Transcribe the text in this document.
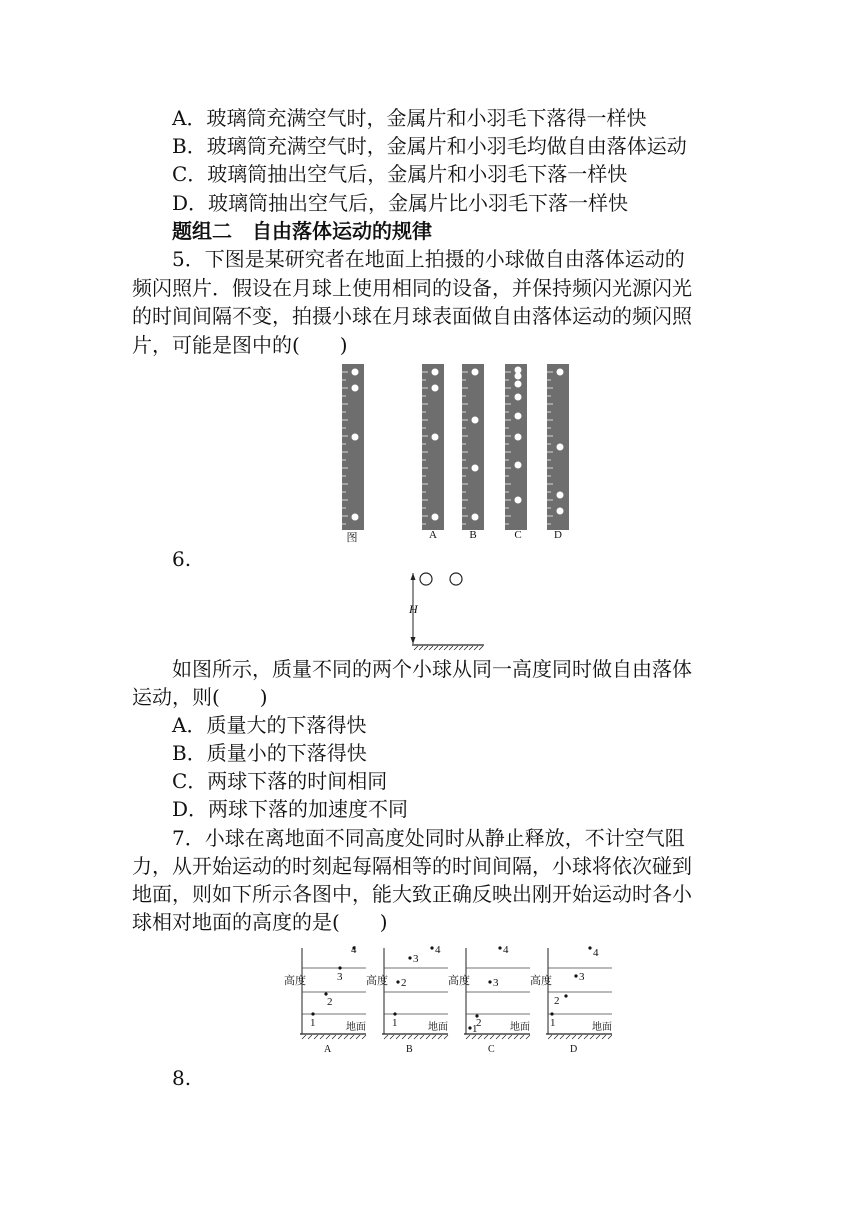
A．玻璃筒充满空气时，金属片和小羽毛下落得一样快
B．玻璃筒充满空气时，金属片和小羽毛均做自由落体运动
C．玻璃筒抽出空气后，金属片和小羽毛下落一样快
D．玻璃筒抽出空气后，金属片比小羽毛下落一样快
题组二　自由落体运动的规律
5．下图是某研究者在地面上拍摄的小球做自由落体运动的
频闪照片．假设在月球上使用相同的设备，并保持频闪光源闪光
的时间间隔不变，拍摄小球在月球表面做自由落体运动的频闪照
片，可能是图中的(　　)
图	A	B	C	D
6.
H
如图所示，质量不同的两个小球从同一高度同时做自由落体
运动，则(　　)
A．质量大的下落得快
B．质量小的下落得快
C．两球下落的时间相同
D．两球下落的加速度不同
7．小球在离地面不同高度处同时从静止释放，不计空气阻
力，从开始运动的时刻起每隔相等的时间间隔，小球将依次碰到
地面，则如下所示各图中，能大致正确反映出刚开始运动时各小
球相对地面的高度的是(　　)
高度
1
2
3
4
地面
A
高度
1
2
3
4
地面
B
高度
1
2
3
4
地面
C
高度
1
2
3
4
地面
D
8.
